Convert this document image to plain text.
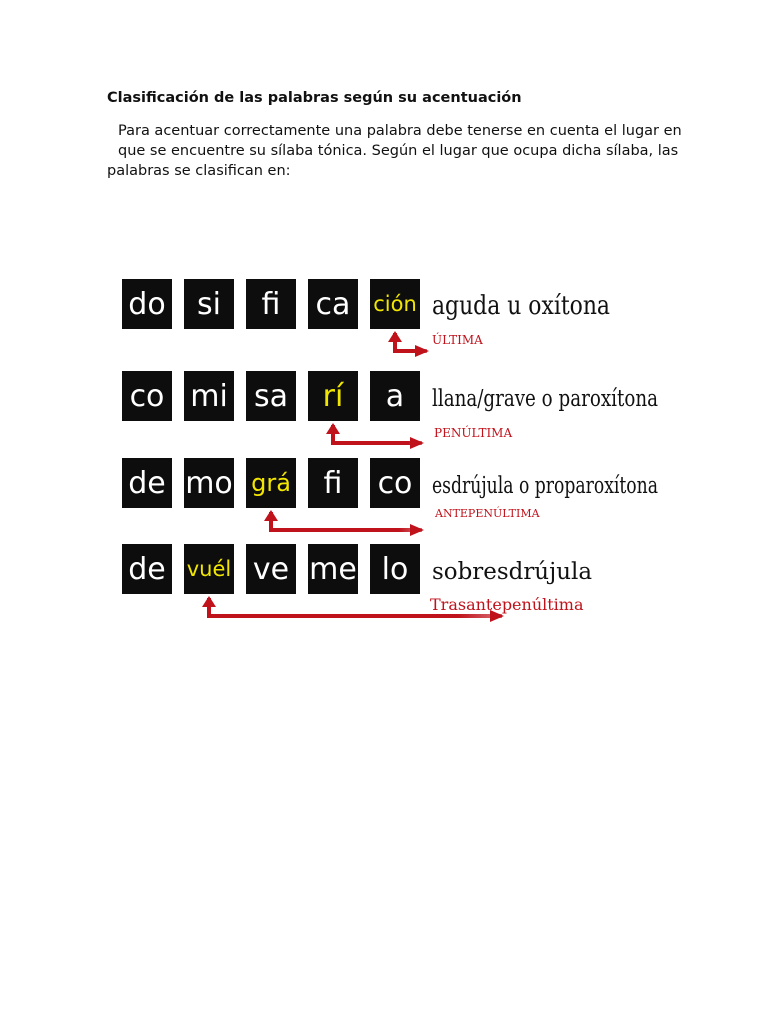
Clasificación de las palabras según su acentuación
Para acentuar correctamente una palabra debe tenerse en cuenta el lugar en
que se encuentre su sílaba tónica. Según el lugar que ocupa dicha sílaba, las
palabras se clasifican en:
do si fi ca ción aguda u oxítona
ÚLTIMA
co mi sa rí a llana/grave o paroxítona
PENÚLTIMA
de mo grá fi co esdrújula o proparoxítona
ANTEPENÚLTIMA
de vuél ve me lo sobresdrújula
Trasantepenúltima
